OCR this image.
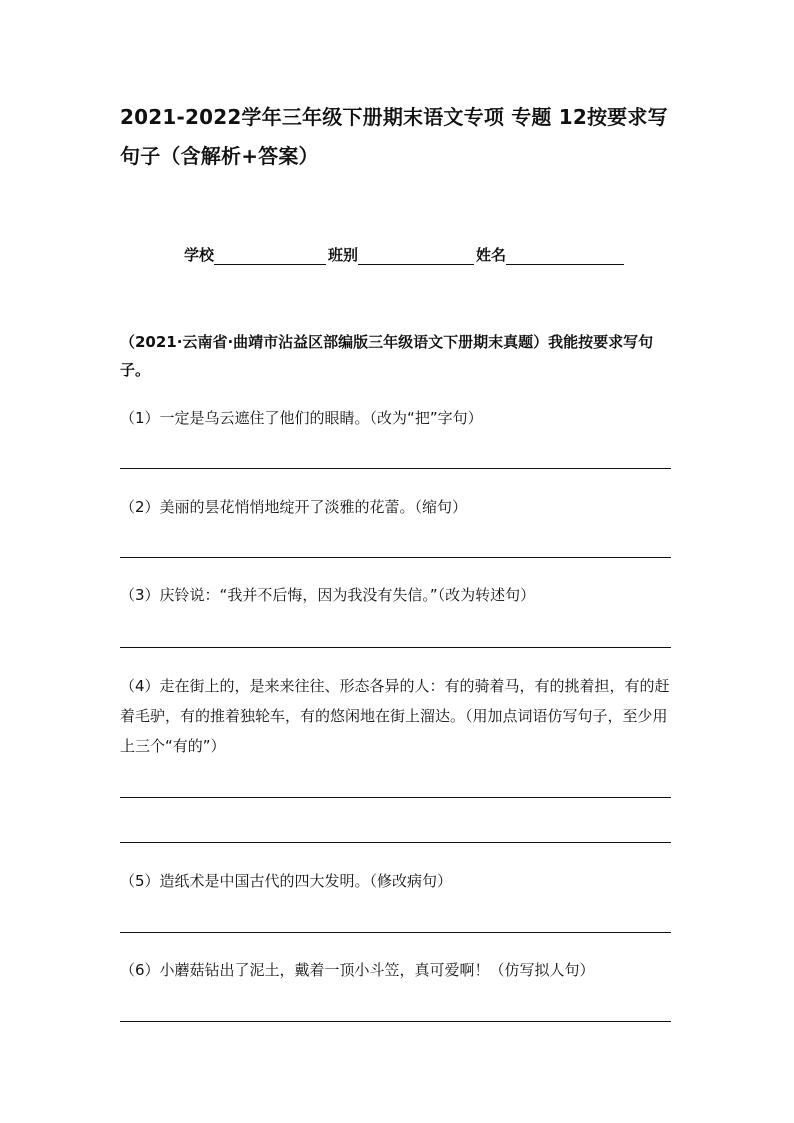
2021-2022学年三年级下册期末语文专项 专题 12按要求写句子（含解析+答案）
学校	班别	姓名
（2021·云南省·曲靖市沾益区部编版三年级语文下册期末真题）我能按要求写句子。
（1）一定是乌云遮住了他们的眼睛。（改为“把”字句）
（2）美丽的昙花悄悄地绽开了淡雅的花蕾。（缩句）
（3）庆铃说：“我并不后悔，因为我没有失信。”（改为转述句）
（4）走在街上的，是来来往往、形态各异的人：有的骑着马，有的挑着担，有的赶着毛驴，有的推着独轮车，有的悠闲地在街上溜达。（用加点词语仿写句子，至少用上三个“有的”）
（5）造纸术是中国古代的四大发明。（修改病句）
（6）小蘑菇钻出了泥土，戴着一顶小斗笠，真可爱啊！（仿写拟人句）
